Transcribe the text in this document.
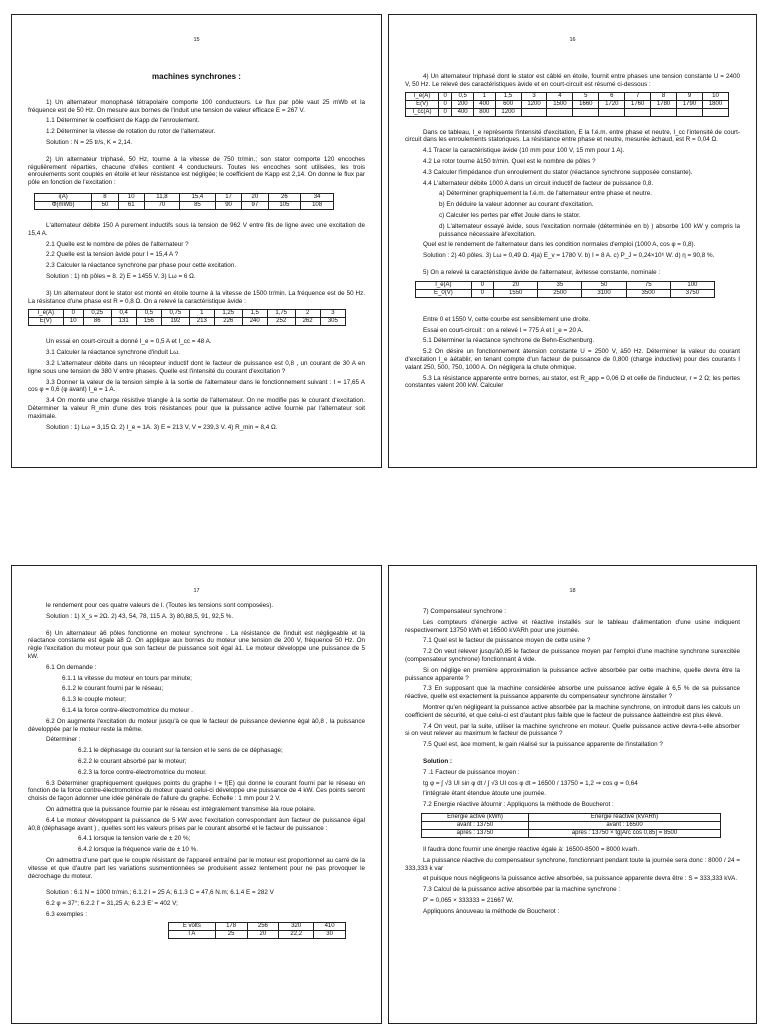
15
machines synchrones :

1) Un alternateur monophasé tétrapolaire comporte 100 conducteurs. Le flux par pôle vaut 25 mWb et la fréquence est de 50 Hz. On mesure aux bornes de l'induit une tension de valeur efficace E = 267 V.

1.1 Déterminer le coefficient de Kapp de l'enroulement.

1.2 Déterminer la vitesse de rotation du rotor de l'alternateur.

Solution : N = 25 tr/s, K = 2,14.

2) Un alternateur triphasé, 50 Hz, tourne à la vitesse de 750 tr/min.; son stator comporte 120 encoches régulièrement réparties, chacune d'elles contient 4 conducteurs. Toutes les encoches sont utilisées, les trois enroulements sont couplés en étoile et leur résistance est négligée; le coefficient de Kapp est 2,14. On donne le flux par pôle en fonction de l'excitation :

i(A)	8	10	11,8	15,4	17	20	26	34
Φ(mWb)	50	61	70	85	90	97	105	108

L'alternateur débite 150 A purement inductifs sous la tension de 962 V entre fils de ligne avec une excitation de 15,4 A.

2.1 Quelle est le nombre de pôles de l'alternateur ?

2.2 Quelle est la tension àvide pour I = 15,4 A ?

2.3 Calculer la réactance synchrone par phase pour cette excitation.

Solution : 1) nb pôles = 8. 2) E = 1455 V. 3) Lω = 6 Ω.

3) Un alternateur dont le stator est monté en étoile tourne à la vitesse de 1500 tr/min. La fréquence est de 50 Hz. La résistance d'une phase est R = 0,8 Ω. On a relevé la caractéristique àvide :

I_e(A)	0	0,25	0,4	0,5	0,75	1	1,25	1,5	1,75	2	3
E(V)	10	86	131	156	192	213	226	240	252	262	305

Un essai en court-circuit a donné I_e = 0,5 A et I_cc = 48 A.

3.1 Calculer la réactance synchrone d'induit Lω.

3.2 L'alternateur débite dans un récepteur inductif dont le facteur de puissance est 0,8 , un courant de 30 A en ligne sous une tension de 380 V entre phases. Quelle est l'intensité du courant d'excitation ?

3.3 Donner la valeur de la tension simple à la sortie de l'alternateur dans le fonctionnement suivant : I = 17,65 A cos φ = 0,6 (φ avant) I_e = 1 A.

3.4 On monte une charge résistive triangle à la sortie de l'alternateur. On ne modifie pas le courant d'excitation. Déterminer la valeur R_min d'une des trois résistances pour que la puissance active fournie par l'alternateur soit maximale.

Solution : 1) Lω = 3,15 Ω. 2) I_e = 1A. 3) E = 213 V, V = 239,3 V. 4) R_min = 8,4 Ω.

16

4) Un alternateur triphasé dont le stator est câblé en étoile, fournit entre phases une tension constante U = 2400 V, 50 Hz. Le relevé des caractéristiques àvide et en court-circuit est résumé ci-dessous :

I_e(A)	0	0,5	1	1,5	3	4	5	6	7	8	9	10
E(V)	0	200	400	600	1200	1500	1660	1720	1760	1780	1790	1800
I_cc(A)	0	400	800	1200								

Dans ce tableau, I_e représente l'intensité d'excitation, E la f.é.m. entre phase et neutre, I_cc l'intensité de court-circuit dans les enroulements statoriques. La résistance entre phase et neutre, mesurée àchaud, est R = 0,04 Ω.

4.1 Tracer la caractéristique àvide (10 mm pour 100 V, 15 mm pour 1 A).

4.2 Le rotor tourne à150 tr/min. Quel est le nombre de pôles ?

4.3 Calculer l'impédance d'un enroulement du stator (réactance synchrone supposée constante).

4.4 L'alternateur débite 1000 A dans un circuit inductif de facteur de puissance 0,8.

a) Déterminer graphiquement la f.é.m. de l'alternateur entre phase et neutre.

b) En déduire la valeur àdonner au courant d'excitation.

c) Calculer les pertes par effet Joule dans le stator.

d) L'alternateur essayé àvide, sous l'excitation normale (déterminée en b) ) absorbe 100 kW y compris la puissance nécessaire àl'excitation.

Quel est le rendement de l'alternateur dans les condition normales d'emploi (1000 A, cos φ = 0,8).

Solution : 2) 40 pôles. 3) Lω = 0,49 Ω. 4)a) E_v = 1780 V. b) I = 8 A. c) P_J = 0,24×10⁶ W. d) η = 90,8 %.

5) On a relevé la caractéristique àvide de l'alternateur, àvitesse constante, nominale :

I_e(A)	0	20	35	50	75	100
E_0(V)	0	1550	2500	3100	3500	3750

Entre 0 et 1550 V, cette courbe est sensiblement une droite.

Essai en court-circuit : on a relevé I = 775 A et I_e = 20 A.

5.1 Déterminer la réactance synchrone de Behn-Eschenburg.

5.2 On désire un fonctionnement àtension constante U = 2500 V, à50 Hz. Déterminer la valeur du courant d'excitation I_e àétablir, en tenant compte d'un facteur de puissance de 0,800 (charge inductive) pour des courants I valant 250, 500, 750, 1000 A. On négligera la chute ohmique.

5.3 La résistance apparente entre bornes, au stator, est R_app = 0,06 Ω et celle de l'inducteur, r = 2 Ω; les pertes constantes valent 200 kW. Calculer

17

le rendement pour ces quatre valeurs de I. (Toutes les tensions sont composées).

Solution : 1) X_s = 2Ω. 2) 43, 54, 78, 115 A. 3) 80,88,5, 91, 92,5 %.

6) Un alternateur à6 pôles fonctionne en moteur synchrone . La résistance de l'induit est négligeable et la réactance constante est égale à8 Ω. On applique aux bornes du moteur une tension de 200 V, fréquence 50 Hz. On règle l'excitation du moteur pour que son facteur de puissance soit égal à1. Le moteur développe une puissance de 5 kW.

6.1 On demande :

6.1.1 la vitesse du moteur en tours par minute;

6.1.2 le courant fourni par le réseau;

6.1.3 le couple moteur;

6.1.4 la force contre-électromotrice du moteur .

6.2 On augmente l'excitation du moteur jusqu'à ce que le facteur de puissance devienne égal à0,8 , la puissance développée par le moteur reste la même.

Déterminer :

6.2.1 le déphasage du courant sur la tension et le sens de ce déphasage;

6.2.2 le courant absorbé par le moteur;

6.2.3 la force contre-électromotrice du moteur.

6.3 Déterminer graphiquement quelques points du graphe I = f(E) qui donne le courant fourni par le réseau en fonction de la force contre-électromotrice du moteur quand celui-ci développe une puissance de 4 kW. Ces points seront choisis de façon àdonner une idée générale de l'allure du graphe. Echelle : 1 mm pour 2 V.

On admettra que la puissance fournie par le réseau est intégralement transmise àla roue polaire.

6.4 Le moteur développant la puissance de 5 kW avec l'excitation correspondant àun facteur de puissance égal à0,8 (déphasage avant ) , quelles sont les valeurs prises par le courant absorbé et le facteur de puissance :

6.4.1 lorsque la tension varie de ± 20 %;

6.4.2 lorsque la fréquence varie de ± 10 %.

On admettra d'une part que le couple résistant de l'appareil entraîné par le moteur est proportionnel au carré de la vitesse et que d'autre part les variations susmentionnées se produisent assez lentement pour ne pas provoquer le décrochage du moteur.

Solution : 6.1 N = 1000 tr/min.; 6.1.2 I = 25 A; 6.1.3 C = 47,6 N.m; 6.1.4 E = 282 V

6.2 φ = 37°; 6.2.2 I' = 31,25 A; 6.2.3 E' = 402 V;

6.3 exemples :

E volts	178	256	320	410
I A	25	20	22,2	30
18

7) Compensateur synchrone :

Les compteurs d'énergie active et réactive installés sur le tableau d'alimentation d'une usine indiquent respectivement 13750 kWh et 16500 kVARh pour une journée.

7.1 Quel est le facteur de puissance moyen de cette usine ?

7.2 On veut relever jusqu'à0,85 le facteur de puissance moyen par l'emploi d'une machine synchrone surexcitée (compensateur synchrone) fonctionnant à vide.

Si on néglige en première approximation la puissance active absorbée par cette machine, quelle devra être la puissance apparente ?

7.3 En supposant que la machine considérée absorbe une puissance active égale à 6,5 % de sa puissance réactive, quelle est exactement la puissance apparente du compensateur synchrone àinstaller ?

Montrer qu'en négligeant la puissance active absorbée par la machine synchrone, on introduit dans les calculs un coefficient de sécurité, et que celui-ci est d'autant plus faible que le facteur de puissance àatteindre est plus élevé.

7.4 On veut, par la suite, utiliser la machine synchrone en moteur. Quelle puissance active devra-t-elle absorber si on veut relever au maximum le facteur de puissance ?

7.5 Quel est, àce moment, le gain réalisé sur la puissance apparente de l'installation ?

Solution :

7 .1 Facteur de puissance moyen :

tg φ = ∫ √3 UI sin φ dt / ∫ √3 UI cos φ dt = 16500 / 13750 = 1,2 ⇒ cos φ = 0,64

l'intégrale étant étendue àtoute une journée.

7.2 Energie réactive àfournir : Appliquons la méthode de Boucherot :

Energie active (kWh)	Energie réactive (kVARh)
avant : 13750	avant : 16500
après : 13750	après : 13750 × tg[Arc cos 0,85] = 8500

Il faudra donc fournir une énergie réactive égale à: 16500-8500 = 8000 kvarh.

La puissance réactive du compensateur synchrone, fonctionnant pendant toute la journée sera donc : 8000 / 24 = 333,333 k var

et puisque nous négligeons la puissance active absorbée, sa puissance apparente devra être : S = 333,333 kVA.

7.3 Calcul de la puissance active absorbée par la machine synchrone :

P' = 0,065 × 333333 = 21667 W.

Appliquons ànouveau la méthode de Boucherot :
